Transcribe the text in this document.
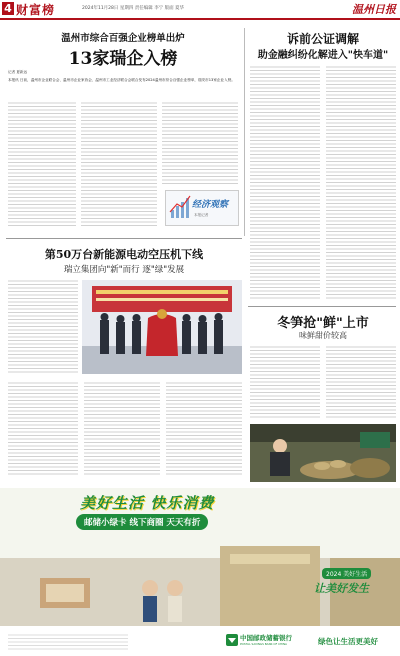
4 财富榜	2024年11月28日 星期四 责任编辑 李宁 版面 夏华	温州日报
温州市综合百强企业榜单出炉
13家瑞企入榜
记者 夏新远
本报讯 日前，温州市企业联合会、温州市企业家协会、温州市工业经济联合会联合发布2024温州市综合百强企业榜单，瑞安市13家企业入榜。
经济观察
本报记者
诉前公证调解
助金融纠纷化解进入"快车道"
第50万台新能源电动空压机下线
瑞立集团向"新"而行 逐"绿"发展
冬笋抢"鲜"上市
味鲜甜价较高
美好生活 快乐消费
邮储小绿卡 线下商圈 天天有折
2024 美好生活
让美好发生
中国邮政储蓄银行
POSTAL SAVINGS BANK OF CHINA	绿色让生活更美好
